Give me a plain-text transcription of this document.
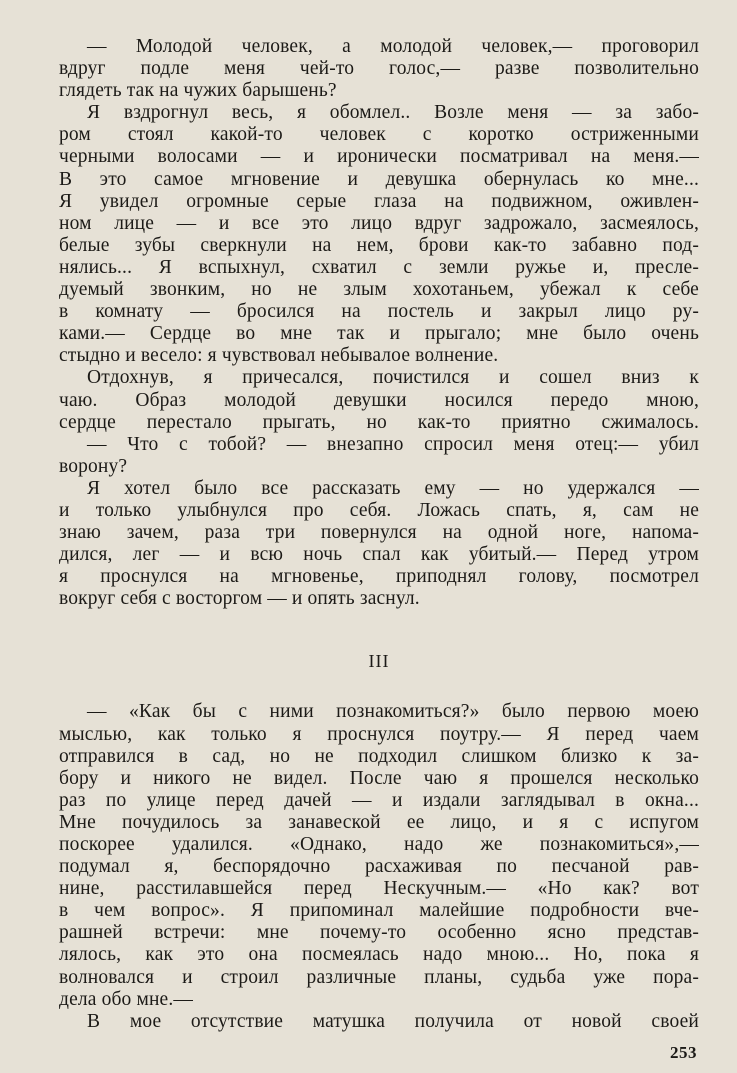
— Молодой человек, а молодой человек,— проговорил
вдруг подле меня чей-то голос,— разве позволительно
глядеть так на чужих барышень?
Я вздрогнул весь, я обомлел.. Возле меня — за забо-
ром стоял какой-то человек с коротко остриженными
черными волосами — и иронически посматривал на меня.—
В это самое мгновение и девушка обернулась ко мне...
Я увидел огромные серые глаза на подвижном, оживлен-
ном лице — и все это лицо вдруг задрожало, засмеялось,
белые зубы сверкнули на нем, брови как-то забавно под-
нялись... Я вспыхнул, схватил с земли ружье и, пресле-
дуемый звонким, но не злым хохотаньем, убежал к себе
в комнату — бросился на постель и закрыл лицо ру-
ками.— Сердце во мне так и прыгало; мне было очень
стыдно и весело: я чувствовал небывалое волнение.
Отдохнув, я причесался, почистился и сошел вниз к
чаю. Образ молодой девушки носился передо мною,
сердце перестало прыгать, но как-то приятно сжималось.
— Что с тобой? — внезапно спросил меня отец:— убил
ворону?
Я хотел было все рассказать ему — но удержался —
и только улыбнулся про себя. Ложась спать, я, сам не
знаю зачем, раза три повернулся на одной ноге, напома-
дился, лег — и всю ночь спал как убитый.— Перед утром
я проснулся на мгновенье, приподнял голову, посмотрел
вокруг себя с восторгом — и опять заснул.
III
— «Как бы с ними познакомиться?» было первою моею
мыслью, как только я проснулся поутру.— Я перед чаем
отправился в сад, но не подходил слишком близко к за-
бору и никого не видел. После чаю я прошелся несколько
раз по улице перед дачей — и издали заглядывал в окна...
Мне почудилось за занавеской ее лицо, и я с испугом
поскорее удалился. «Однако, надо же познакомиться»,—
подумал я, беспорядочно расхаживая по песчаной рав-
нине, расстилавшейся перед Нескучным.— «Но как? вот
в чем вопрос». Я припоминал малейшие подробности вче-
рашней встречи: мне почему-то особенно ясно представ-
лялось, как это она посмеялась надо мною... Но, пока я
волновался и строил различные планы, судьба уже пора-
дела обо мне.—
В мое отсутствие матушка получила от новой своей
253
